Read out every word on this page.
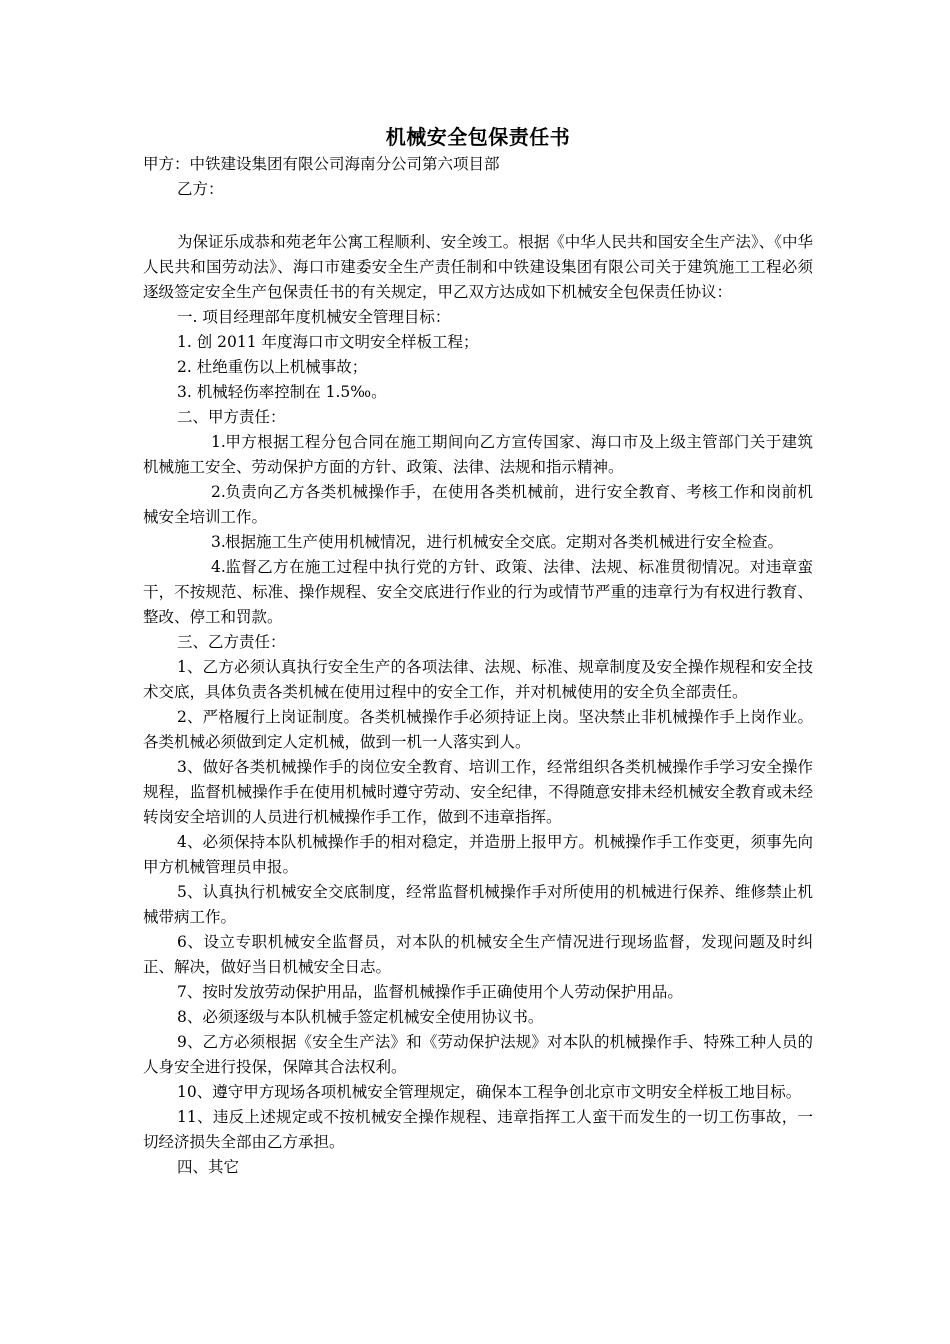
机械安全包保责任书

甲方：中铁建设集团有限公司海南分公司第六项目部

乙方：

为保证乐成恭和苑老年公寓工程顺利、安全竣工。根据《中华人民共和国安全生产法》、《中华人民共和国劳动法》、海口市建委安全生产责任制和中铁建设集团有限公司关于建筑施工工程必须逐级签定安全生产包保责任书的有关规定，甲乙双方达成如下机械安全包保责任协议：

一. 项目经理部年度机械安全管理目标：

1. 创 2011 年度海口市文明安全样板工程；

2. 杜绝重伤以上机械事故；

3. 机械轻伤率控制在 1.5‰。

二、甲方责任：

1.甲方根据工程分包合同在施工期间向乙方宣传国家、海口市及上级主管部门关于建筑机械施工安全、劳动保护方面的方针、政策、法律、法规和指示精神。

2.负责向乙方各类机械操作手，在使用各类机械前，进行安全教育、考核工作和岗前机械安全培训工作。

3.根据施工生产使用机械情况，进行机械安全交底。定期对各类机械进行安全检查。

4.监督乙方在施工过程中执行党的方针、政策、法律、法规、标准贯彻情况。对违章蛮干，不按规范、标准、操作规程、安全交底进行作业的行为或情节严重的违章行为有权进行教育、整改、停工和罚款。

三、乙方责任：

1、乙方必须认真执行安全生产的各项法律、法规、标准、规章制度及安全操作规程和安全技术交底，具体负责各类机械在使用过程中的安全工作，并对机械使用的安全负全部责任。

2、严格履行上岗证制度。各类机械操作手必须持证上岗。坚决禁止非机械操作手上岗作业。各类机械必须做到定人定机械，做到一机一人落实到人。

3、做好各类机械操作手的岗位安全教育、培训工作，经常组织各类机械操作手学习安全操作规程，监督机械操作手在使用机械时遵守劳动、安全纪律，不得随意安排未经机械安全教育或未经转岗安全培训的人员进行机械操作手工作，做到不违章指挥。

4、必须保持本队机械操作手的相对稳定，并造册上报甲方。机械操作手工作变更，须事先向甲方机械管理员申报。

5、认真执行机械安全交底制度，经常监督机械操作手对所使用的机械进行保养、维修禁止机械带病工作。

6、设立专职机械安全监督员，对本队的机械安全生产情况进行现场监督，发现问题及时纠正、解决，做好当日机械安全日志。

7、按时发放劳动保护用品，监督机械操作手正确使用个人劳动保护用品。

8、必须逐级与本队机械手签定机械安全使用协议书。

9、乙方必须根据《安全生产法》和《劳动保护法规》对本队的机械操作手、特殊工种人员的人身安全进行投保，保障其合法权利。

10、遵守甲方现场各项机械安全管理规定，确保本工程争创北京市文明安全样板工地目标。

11、违反上述规定或不按机械安全操作规程、违章指挥工人蛮干而发生的一切工伤事故，一切经济损失全部由乙方承担。

四、其它
